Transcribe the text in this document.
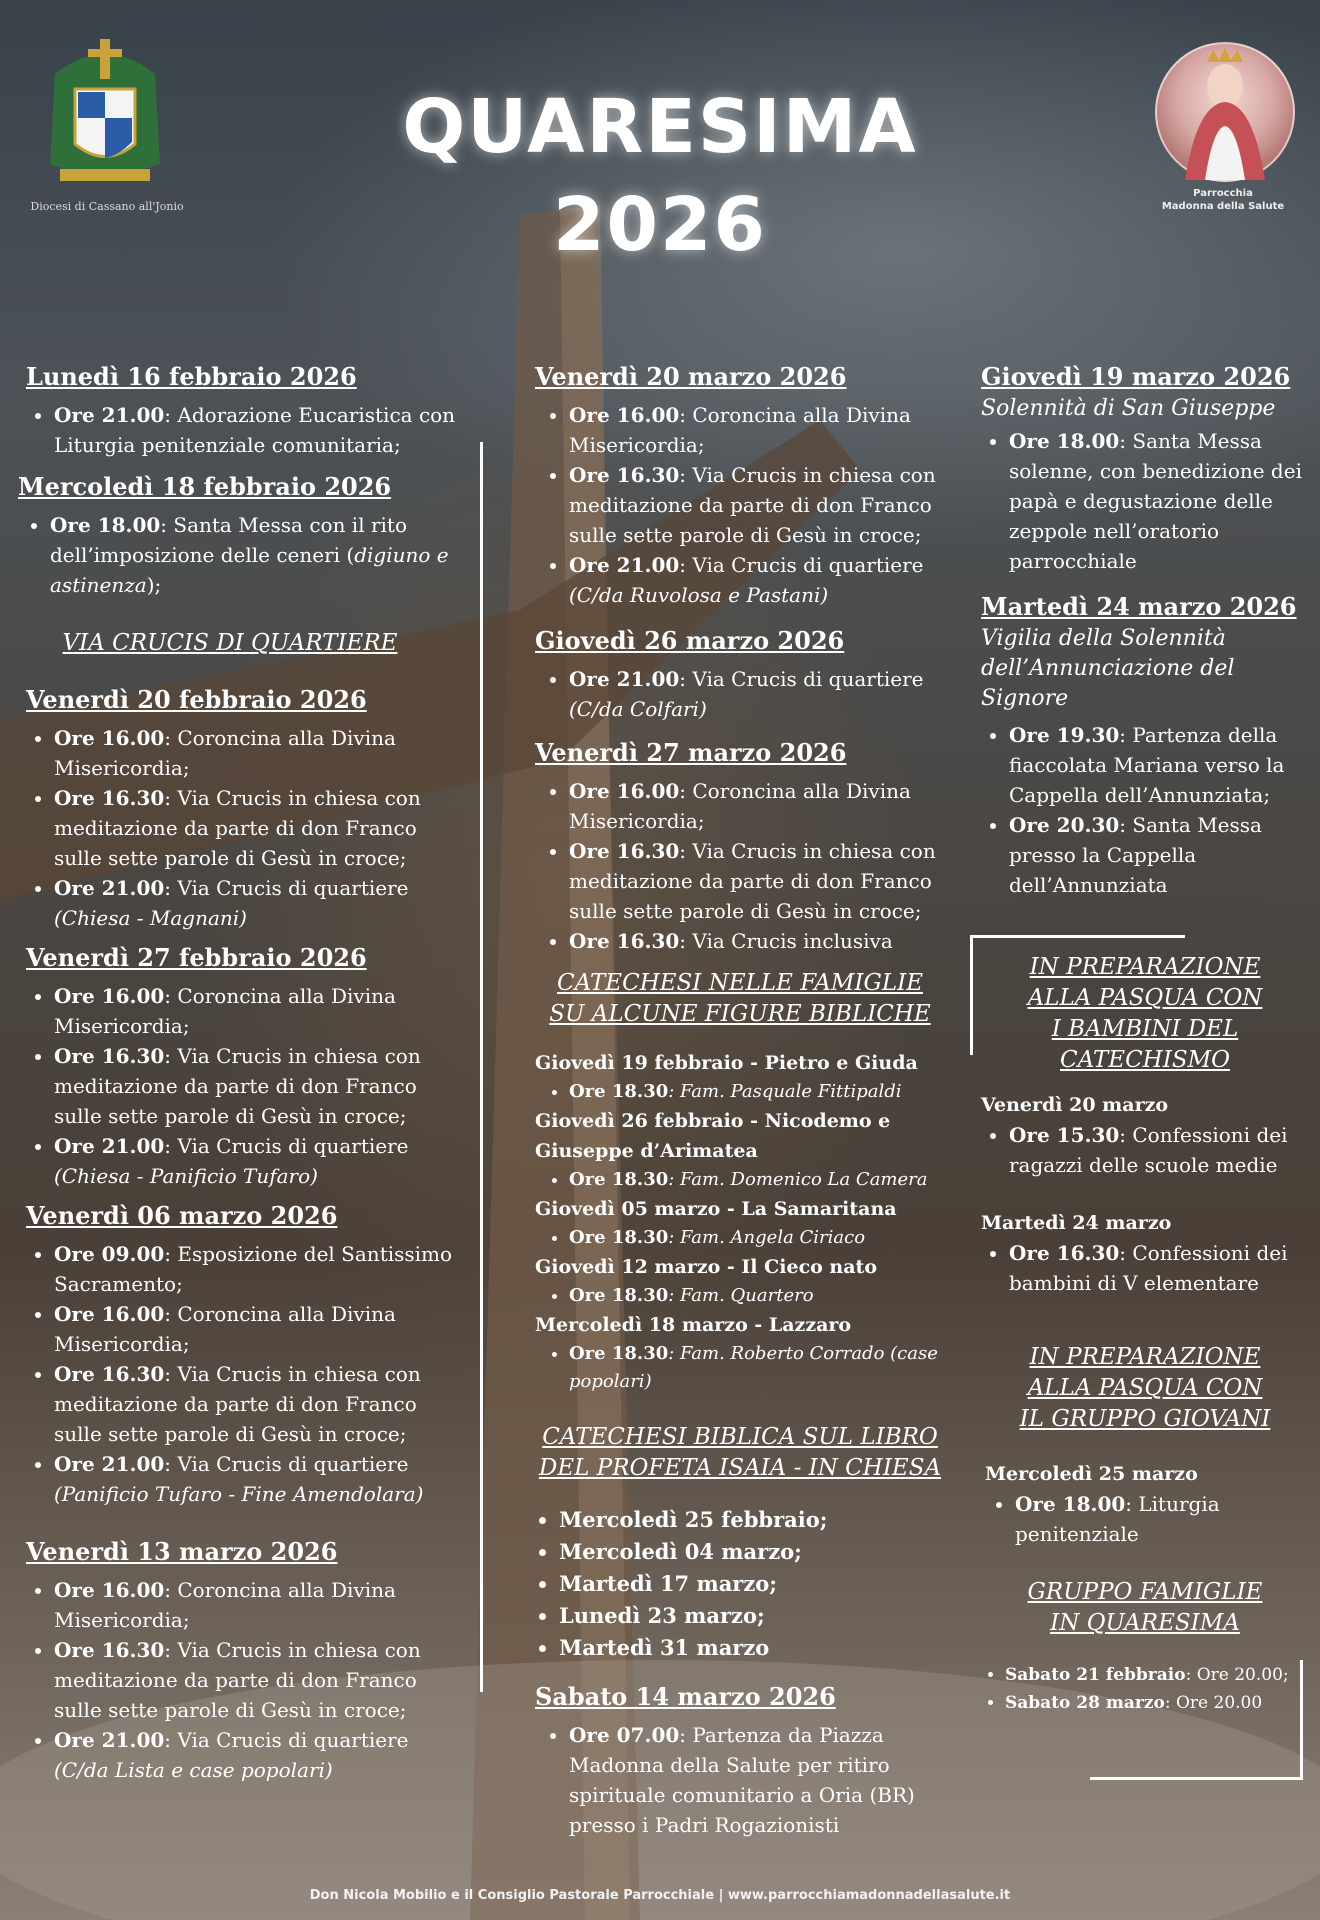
QUARESIMA
2026
Diocesi di Cassano all'Jonio
Parrocchia
Madonna della Salute
Lunedì 16 febbraio 2026
• Ore 21.00: Adorazione Eucaristica con Liturgia penitenziale comunitaria;
Mercoledì 18 febbraio 2026
• Ore 18.00: Santa Messa con il rito dell’imposizione delle ceneri (digiuno e astinenza);
VIA CRUCIS DI QUARTIERE
Venerdì 20 febbraio 2026
• Ore 16.00: Coroncina alla Divina Misericordia;
• Ore 16.30: Via Crucis in chiesa con meditazione da parte di don Franco sulle sette parole di Gesù in croce;
• Ore 21.00: Via Crucis di quartiere
(Chiesa - Magnani)
Venerdì 27 febbraio 2026
• Ore 16.00: Coroncina alla Divina Misericordia;
• Ore 16.30: Via Crucis in chiesa con meditazione da parte di don Franco sulle sette parole di Gesù in croce;
• Ore 21.00: Via Crucis di quartiere
(Chiesa - Panificio Tufaro)
Venerdì 06 marzo 2026
• Ore 09.00: Esposizione del Santissimo Sacramento;
• Ore 16.00: Coroncina alla Divina Misericordia;
• Ore 16.30: Via Crucis in chiesa con meditazione da parte di don Franco sulle sette parole di Gesù in croce;
• Ore 21.00: Via Crucis di quartiere
(Panificio Tufaro - Fine Amendolara)
Venerdì 13 marzo 2026
• Ore 16.00: Coroncina alla Divina Misericordia;
• Ore 16.30: Via Crucis in chiesa con meditazione da parte di don Franco sulle sette parole di Gesù in croce;
• Ore 21.00: Via Crucis di quartiere
(C/da Lista e case popolari)
Venerdì 20 marzo 2026
• Ore 16.00: Coroncina alla Divina Misericordia;
• Ore 16.30: Via Crucis in chiesa con meditazione da parte di don Franco sulle sette parole di Gesù in croce;
• Ore 21.00: Via Crucis di quartiere
(C/da Ruvolosa e Pastani)
Giovedì 26 marzo 2026
• Ore 21.00: Via Crucis di quartiere
(C/da Colfari)
Venerdì 27 marzo 2026
• Ore 16.00: Coroncina alla Divina Misericordia;
• Ore 16.30: Via Crucis in chiesa con meditazione da parte di don Franco sulle sette parole di Gesù in croce;
• Ore 16.30: Via Crucis inclusiva
CATECHESI NELLE FAMIGLIE SU ALCUNE FIGURE BIBLICHE
Giovedì 19 febbraio - Pietro e Giuda
• Ore 18.30: Fam. Pasquale Fittipaldi
Giovedì 26 febbraio - Nicodemo e Giuseppe d’Arimatea
• Ore 18.30: Fam. Domenico La Camera
Giovedì 05 marzo - La Samaritana
• Ore 18.30: Fam. Angela Ciriaco
Giovedì 12 marzo - Il Cieco nato
• Ore 18.30: Fam. Quartero
Mercoledì 18 marzo - Lazzaro
• Ore 18.30: Fam. Roberto Corrado (case popolari)
CATECHESI BIBLICA SUL LIBRO DEL PROFETA ISAIA - IN CHIESA
• Mercoledì 25 febbraio;
• Mercoledì 04 marzo;
• Martedì 17 marzo;
• Lunedì 23 marzo;
• Martedì 31 marzo
Sabato 14 marzo 2026
• Ore 07.00: Partenza da Piazza Madonna della Salute per ritiro spirituale comunitario a Oria (BR) presso i Padri Rogazionisti
Giovedì 19 marzo 2026
Solennità di San Giuseppe
• Ore 18.00: Santa Messa solenne, con benedizione dei papà e degustazione delle zeppole nell’oratorio parrocchiale
Martedì 24 marzo 2026
Vigilia della Solennità dell’Annunciazione del Signore
• Ore 19.30: Partenza della fiaccolata Mariana verso la Cappella dell’Annunziata;
• Ore 20.30: Santa Messa presso la Cappella dell’Annunziata
IN PREPARAZIONE ALLA PASQUA CON I BAMBINI DEL CATECHISMO
Venerdì 20 marzo
• Ore 15.30: Confessioni dei ragazzi delle scuole medie
Martedì 24 marzo
• Ore 16.30: Confessioni dei bambini di V elementare
IN PREPARAZIONE ALLA PASQUA CON IL GRUPPO GIOVANI
Mercoledì 25 marzo
• Ore 18.00: Liturgia penitenziale
GRUPPO FAMIGLIE IN QUARESIMA
• Sabato 21 febbraio: Ore 20.00;
• Sabato 28 marzo: Ore 20.00
Don Nicola Mobilio e il Consiglio Pastorale Parrocchiale | www.parrocchiamadonnadellasalute.it
